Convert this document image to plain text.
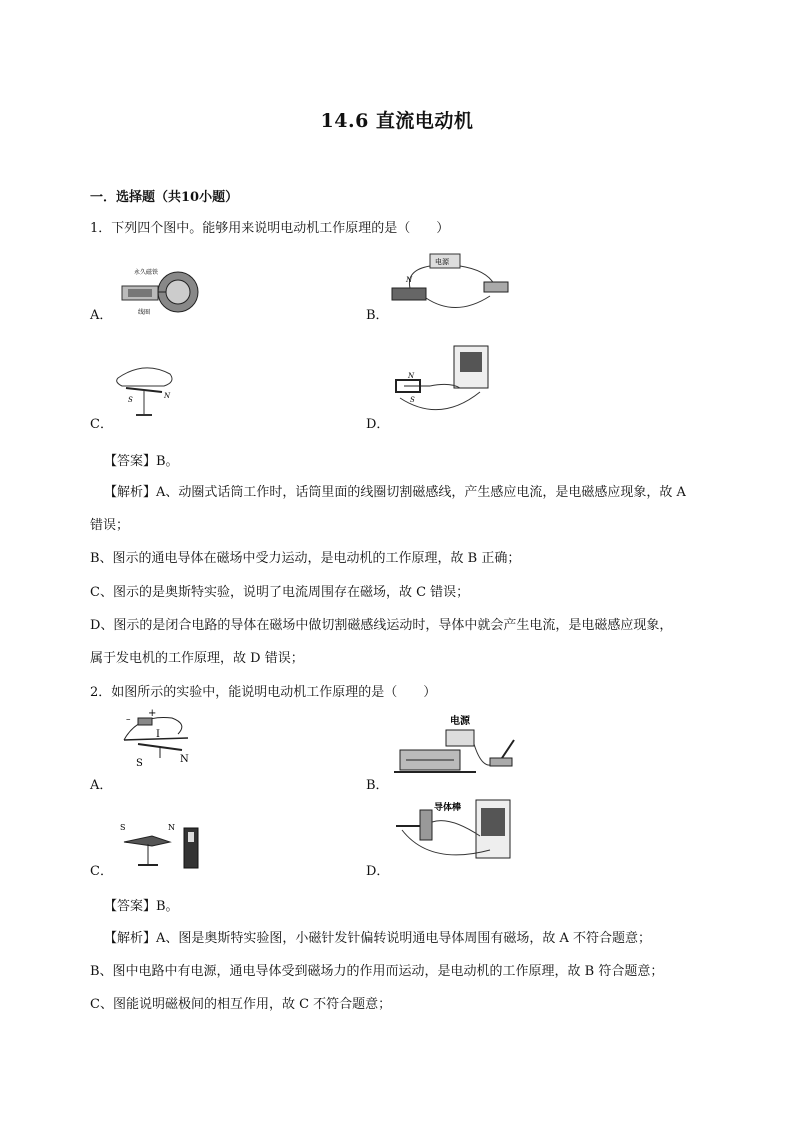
14.6 直流电动机
一．选择题（共10小题）
1．下列四个图中。能够用来说明电动机工作原理的是（　　）
A．
永久磁铁
线圈	B．
电源
N
C．
S	N
D．
N
S
【答案】B。
【解析】A、动圈式话筒工作时，话筒里面的线圈切割磁感线，产生感应电流，是电磁感应现象，故 A
错误；
B、图示的通电导体在磁场中受力运动，是电动机的工作原理，故 B 正确；
C、图示的是奥斯特实验，说明了电流周围存在磁场，故 C 错误；
D、图示的是闭合电路的导体在磁场中做切割磁感线运动时，导体中就会产生电流，是电磁感应现象，
属于发电机的工作原理，故 D 错误；
2．如图所示的实验中，能说明电动机工作原理的是（　　）
A．
–
+
I
S	N
B．
电源
C．
S	N
D．
导体棒
【答案】B。
【解析】A、图是奥斯特实验图，小磁针发针偏转说明通电导体周围有磁场，故 A 不符合题意；
B、图中电路中有电源，通电导体受到磁场力的作用而运动，是电动机的工作原理，故 B 符合题意；
C、图能说明磁极间的相互作用，故 C 不符合题意；
